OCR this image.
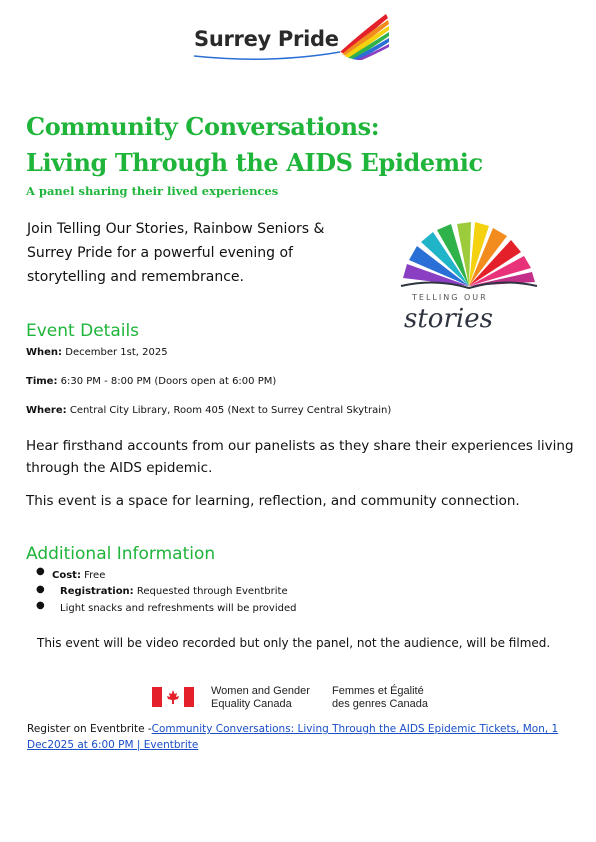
Surrey Pride
Community Conversations:
Living Through the AIDS Epidemic
A panel sharing their lived experiences
Join Telling Our Stories, Rainbow Seniors &
Surrey Pride for a powerful evening of
storytelling and remembrance.
TELLING OUR
stories
Event Details
When: December 1st, 2025
Time: 6:30 PM - 8:00 PM (Doors open at 6:00 PM)
Where: Central City Library, Room 405 (Next to Surrey Central Skytrain)
Hear firsthand accounts from our panelists as they share their experiences living
through the AIDS epidemic.
This event is a space for learning, reflection, and community connection.
Additional Information
●
●
●
Cost: Free
Registration: Requested through Eventbrite
Light snacks and refreshments will be provided
This event will be video recorded but only the panel, not the audience, will be filmed.
Women and Gender
Equality Canada
Femmes et Égalité
des genres Canada
Register on Eventbrite -Community Conversations: Living Through the AIDS Epidemic Tickets, Mon, 1
Dec2025 at 6:00 PM | Eventbrite
